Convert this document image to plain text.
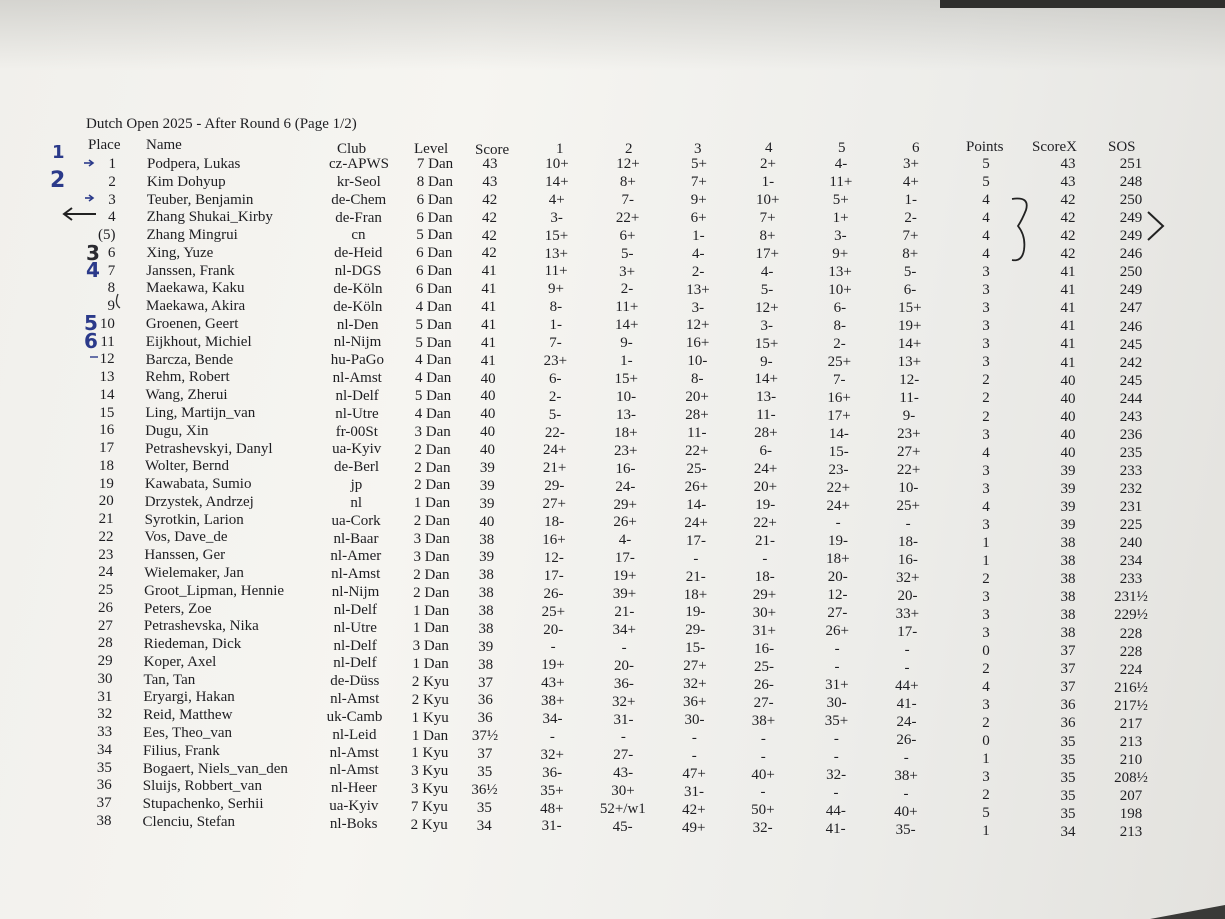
Dutch Open 2025 - After Round 6 (Page 1/2)
Place Name	Club	Level Score	1	2	3	4	5	6	Points ScoreX SOS
1 Podpera, Lukas	cz-APWS	7 Dan	43	10+	12+	5+	2+	4-	3+	5	43	251
2 Kim Dohyup	kr-Seol	8 Dan	43	14+	8+	7+	1-	11+	4+	5	43	248
3 Teuber, Benjamin	de-Chem	6 Dan	42	4+	7-	9+	10+	5+	1-	4	42	250
4 Zhang Shukai_Kirby	de-Fran	6 Dan	42	3-	22+	6+	7+	1+	2-	4	42	249
(5) Zhang Mingrui	cn	5 Dan	42	15+	6+	1-	8+	3-	7+	4	42	249
6 Xing, Yuze	de-Heid	6 Dan	42	13+	5-	4-	17+	9+	8+	4	42	246
7 Janssen, Frank	nl-DGS	6 Dan	41	11+	3+	2-	4-	13+	5-	3	41	250
8 Maekawa, Kaku	de-Köln	6 Dan	41	9+	2-	13+	5-	10+	6-	3	41	249
9 Maekawa, Akira	de-Köln	4 Dan	41	8-	11+	3-	12+	6-	15+	3	41	247
10 Groenen, Geert	nl-Den	5 Dan	41	1-	14+	12+	3-	8-	19+	3	41	246
11 Eijkhout, Michiel	nl-Nijm	5 Dan	41	7-	9-	16+	15+	2-	14+	3	41	245
12 Barcza, Bende	hu-PaGo	4 Dan	41	23+	1-	10-	9-	25+	13+	3	41	242
13 Rehm, Robert	nl-Amst	4 Dan	40	6-	15+	8-	14+	7-	12-	2	40	245
14 Wang, Zherui	nl-Delf	5 Dan	40	2-	10-	20+	13-	16+	11-	2	40	244
15 Ling, Martijn_van	nl-Utre	4 Dan	40	5-	13-	28+	11-	17+	9-	2	40	243
16 Dugu, Xin	fr-00St	3 Dan	40	22-	18+	11-	28+	14-	23+	3	40	236
17 Petrashevskyi, Danyl	ua-Kyiv	2 Dan	40	24+	23+	22+	6-	15-	27+	4	40	235
18 Wolter, Bernd	de-Berl	2 Dan	39	21+	16-	25-	24+	23-	22+	3	39	233
19 Kawabata, Sumio	jp	2 Dan	39	29-	24-	26+	20+	22+	10-	3	39	232
20 Drzystek, Andrzej	nl	1 Dan	39	27+	29+	14-	19-	24+	25+	4	39	231
21 Syrotkin, Larion	ua-Cork	2 Dan	40	18-	26+	24+	22+	-	-	3	39	225
22 Vos, Dave_de	nl-Baar	3 Dan	38	16+	4-	17-	21-	19-	18-	1	38	240
23 Hanssen, Ger	nl-Amer	3 Dan	39	12-	17-	-	-	18+	16-	1	38	234
24 Wielemaker, Jan	nl-Amst	2 Dan	38	17-	19+	21-	18-	20-	32+	2	38	233
25 Groot_Lipman, Hennie	nl-Nijm	2 Dan	38	26-	39+	18+	29+	12-	20-	3	38	231½
26 Peters, Zoe	nl-Delf	1 Dan	38	25+	21-	19-	30+	27-	33+	3	38	229½
27 Petrashevska, Nika	nl-Utre	1 Dan	38	20-	34+	29-	31+	26+	17-	3	38	228
28 Riedeman, Dick	nl-Delf	3 Dan	39	-	-	15-	16-	-	-	0	37	228
29 Koper, Axel	nl-Delf	1 Dan	38	19+	20-	27+	25-	-	-	2	37	224
30 Tan, Tan	de-Düss	2 Kyu	37	43+	36-	32+	26-	31+	44+	4	37	216½
31 Eryargi, Hakan	nl-Amst	2 Kyu	36	38+	32+	36+	27-	30-	41-	3	36	217½
32 Reid, Matthew	uk-Camb	1 Kyu	36	34-	31-	30-	38+	35+	24-	2	36	217
33 Ees, Theo_van	nl-Leid	1 Dan	37½	-	-	-	-	-	26-	0	35	213
34 Filius, Frank	nl-Amst	1 Kyu	37	32+	27-	-	-	-	-	1	35	210
35 Bogaert, Niels_van_den	nl-Amst	3 Kyu	35	36-	43-	47+	40+	32-	38+	3	35	208½
36 Sluijs, Robbert_van	nl-Heer	3 Kyu	36½	35+	30+	31-	-	-	-	2	35	207
37 Stupachenko, Serhii	ua-Kyiv	7 Kyu	35	48+	52+/w1	42+	50+	44-	40+	5	35	198
38 Clenciu, Stefan	nl-Boks	2 Kyu	34	31-	45-	49+	32-	41-	35-	1	34	213
1
2
3
4
5
6
